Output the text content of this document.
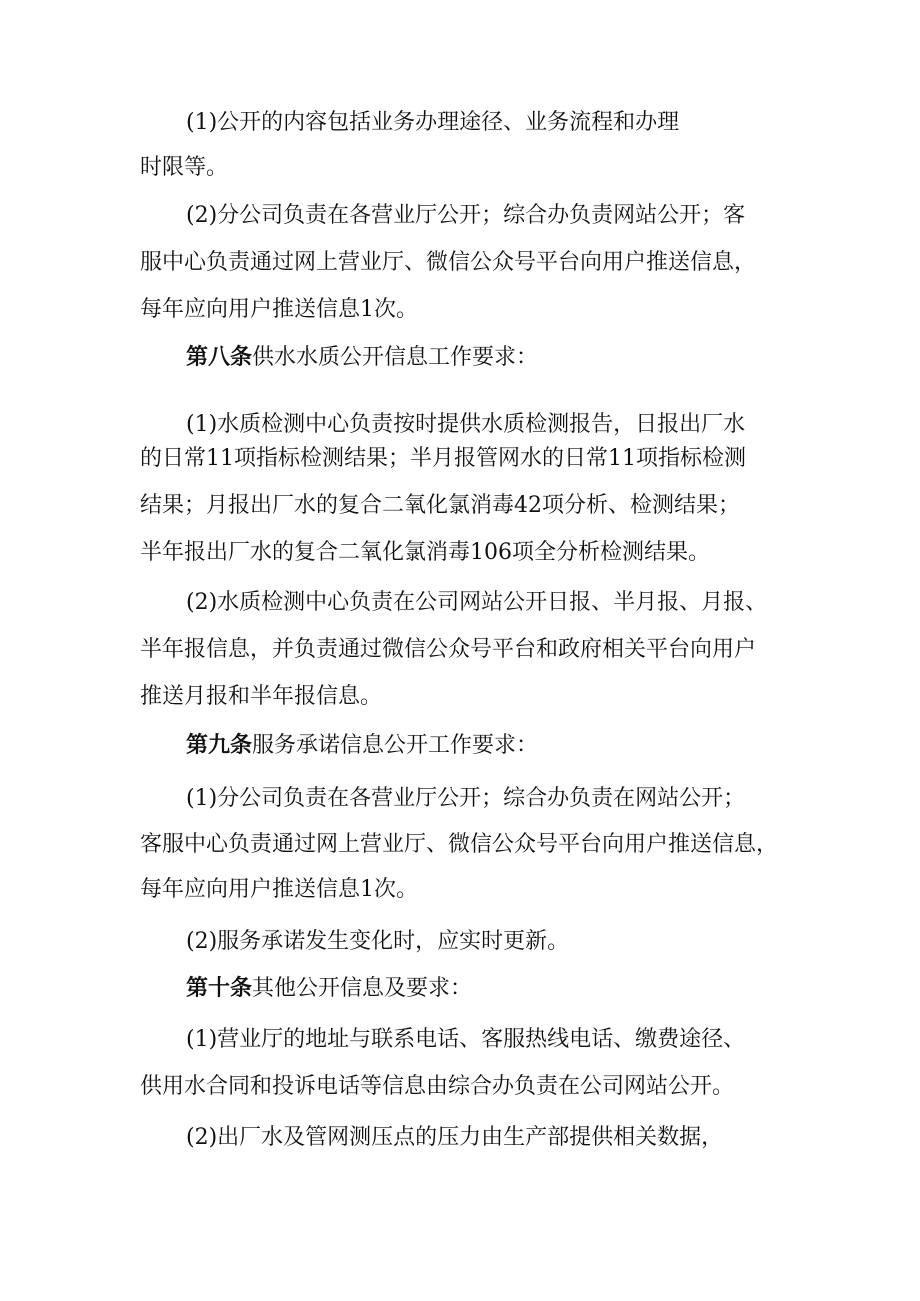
(1)公开的内容包括业务办理途径、业务流程和办理
时限等。
(2)分公司负责在各营业厅公开；综合办负责网站公开；客
服中心负责通过网上营业厅、微信公众号平台向用户推送信息，
每年应向用户推送信息1次。
第八条供水水质公开信息工作要求：
(1)水质检测中心负责按时提供水质检测报告，日报出厂水
的日常11项指标检测结果；半月报管网水的日常11项指标检测
结果；月报出厂水的复合二氧化氯消毒42项分析、检测结果；
半年报出厂水的复合二氧化氯消毒106项全分析检测结果。
(2)水质检测中心负责在公司网站公开日报、半月报、月报、
半年报信息，并负责通过微信公众号平台和政府相关平台向用户
推送月报和半年报信息。
第九条服务承诺信息公开工作要求：
(1)分公司负责在各营业厅公开；综合办负责在网站公开；
客服中心负责通过网上营业厅、微信公众号平台向用户推送信息，
每年应向用户推送信息1次。
(2)服务承诺发生变化时，应实时更新。
第十条其他公开信息及要求：
(1)营业厅的地址与联系电话、客服热线电话、缴费途径、
供用水合同和投诉电话等信息由综合办负责在公司网站公开。
(2)出厂水及管网测压点的压力由生产部提供相关数据，
